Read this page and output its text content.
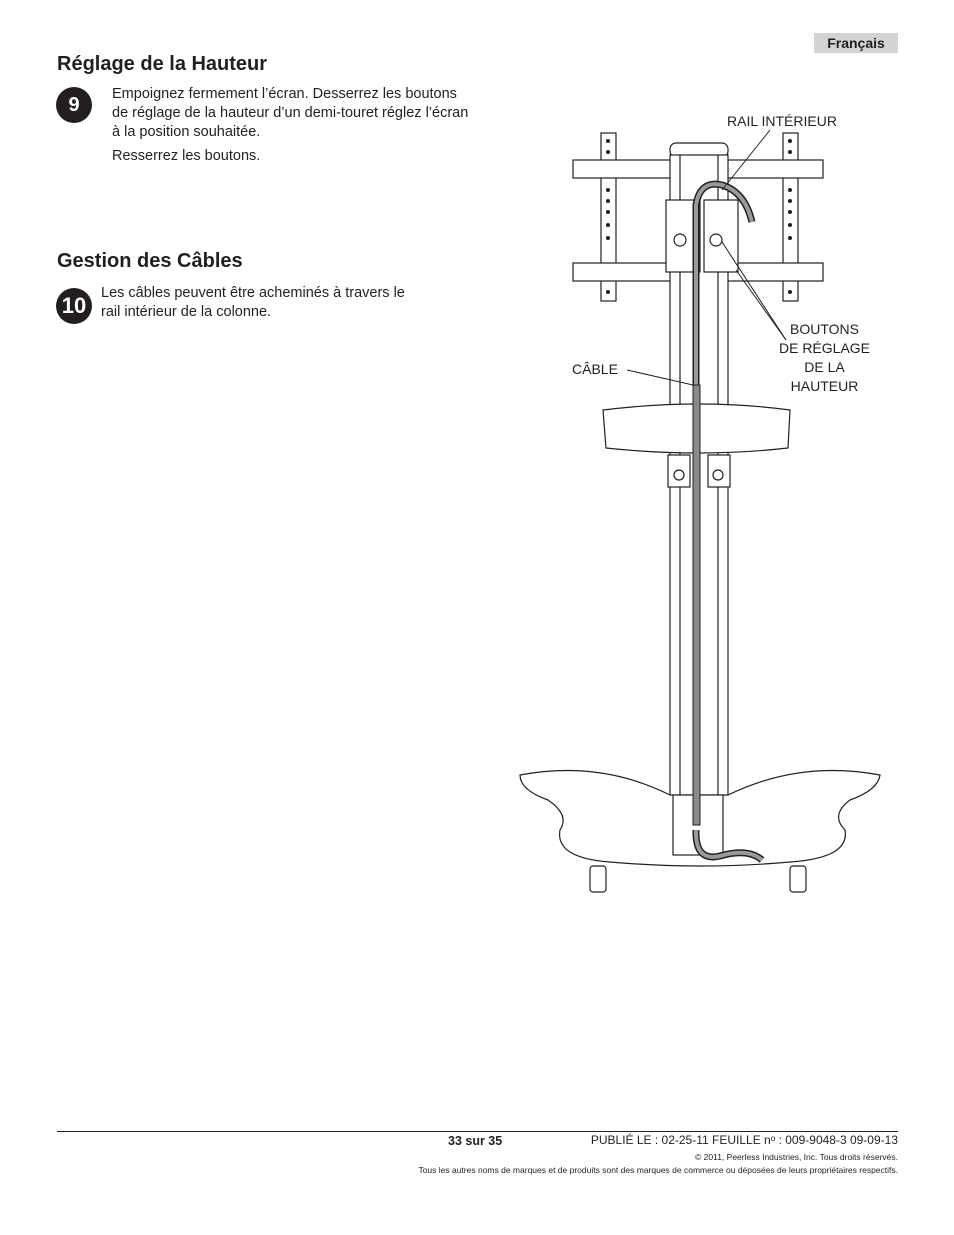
Français
Réglage de la Hauteur
9	Empoignez fermement l’écran. Desserrez les boutons
de réglage de la hauteur d’un demi-touret réglez l’écran
à la position souhaitée.
Resserrez les boutons.
Gestion des Câbles
10	Les câbles peuvent être acheminés à travers le
rail intérieur de la colonne.
RAIL INTÉRIEUR
BOUTONS
DE RÉGLAGE
DE LA
HAUTEUR
CÂBLE
33 sur 35	PUBLIÉ LE : 02-25-11 FEUILLE nᵒ : 009-9048-3 09-09-13
© 2011, Peerless Industries, Inc. Tous droits réservés.
Tous les autres noms de marques et de produits sont des marques de commerce ou déposées de leurs propriétaires respectifs.
